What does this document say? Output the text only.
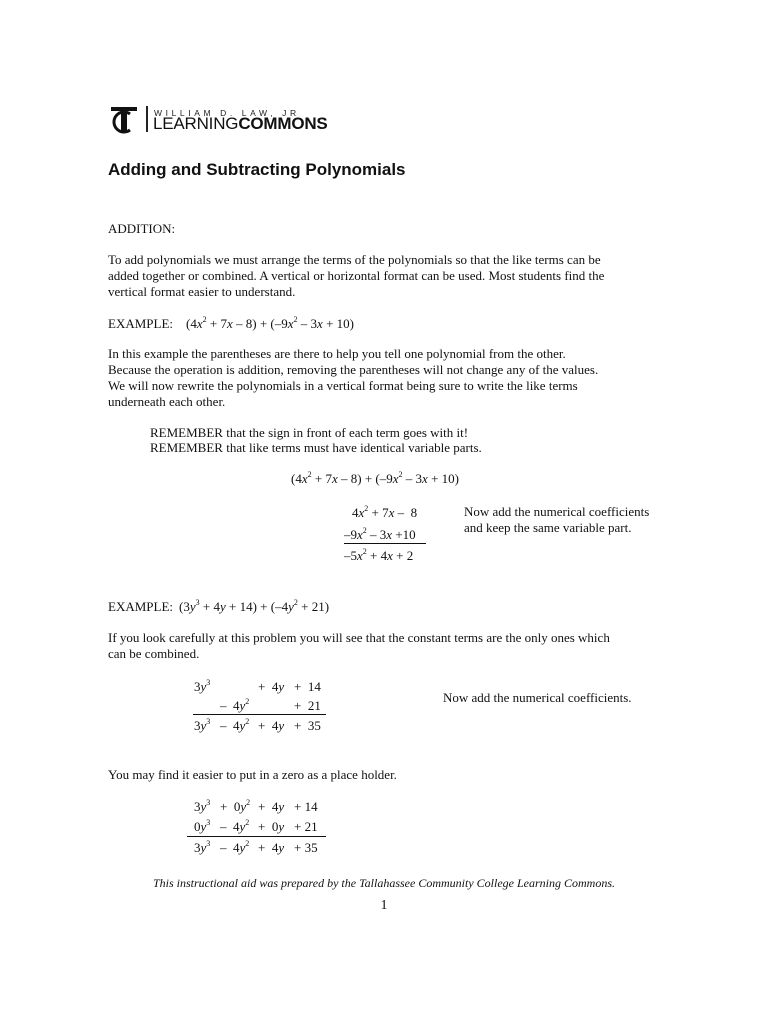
WILLIAM D. LAW, JR
LEARNINGCOMMONS
Adding and Subtracting Polynomials
ADDITION:
To add polynomials we must arrange the terms of the polynomials so that the like terms can be
added together or combined. A vertical or horizontal format can be used. Most students find the
vertical format easier to understand.
EXAMPLE: $(4x^2 + 7x - 8) + (-9x^2 - 3x + 10)$
In this example the parentheses are there to help you tell one polynomial from the other.
Because the operation is addition, removing the parentheses will not change any of the values.
We will now rewrite the polynomials in a vertical format being sure to write the like terms
underneath each other.
REMEMBER that the sign in front of each term goes with it!
REMEMBER that like terms must have identical variable parts.
$(4x^2 + 7x - 8) + (-9x^2 - 3x + 10)$
$4x^2 + 7x - 8$
$-9x^2 - 3x +10$
$-5x^2 + 4x + 2$
Now add the numerical coefficients
and keep the same variable part.
EXAMPLE: $(3y^3 + 4y + 14) + (-4y^2 + 21)$
If you look carefully at this problem you will see that the constant terms are the only ones which
can be combined.
$3y^3$	+  4y +  14
–  $4y^2$	+  21
$3y^3 - 4y^2 + 4y + 35$
Now add the numerical coefficients.
You may find it easier to put in a zero as a place holder.
$3y^3 + 0y^2 + 4y + 14$
$0y^3 - 4y^2 + 0y + 21$
$3y^3 - 4y^2 + 4y + 35$
This instructional aid was prepared by the Tallahassee Community College Learning Commons.
1
